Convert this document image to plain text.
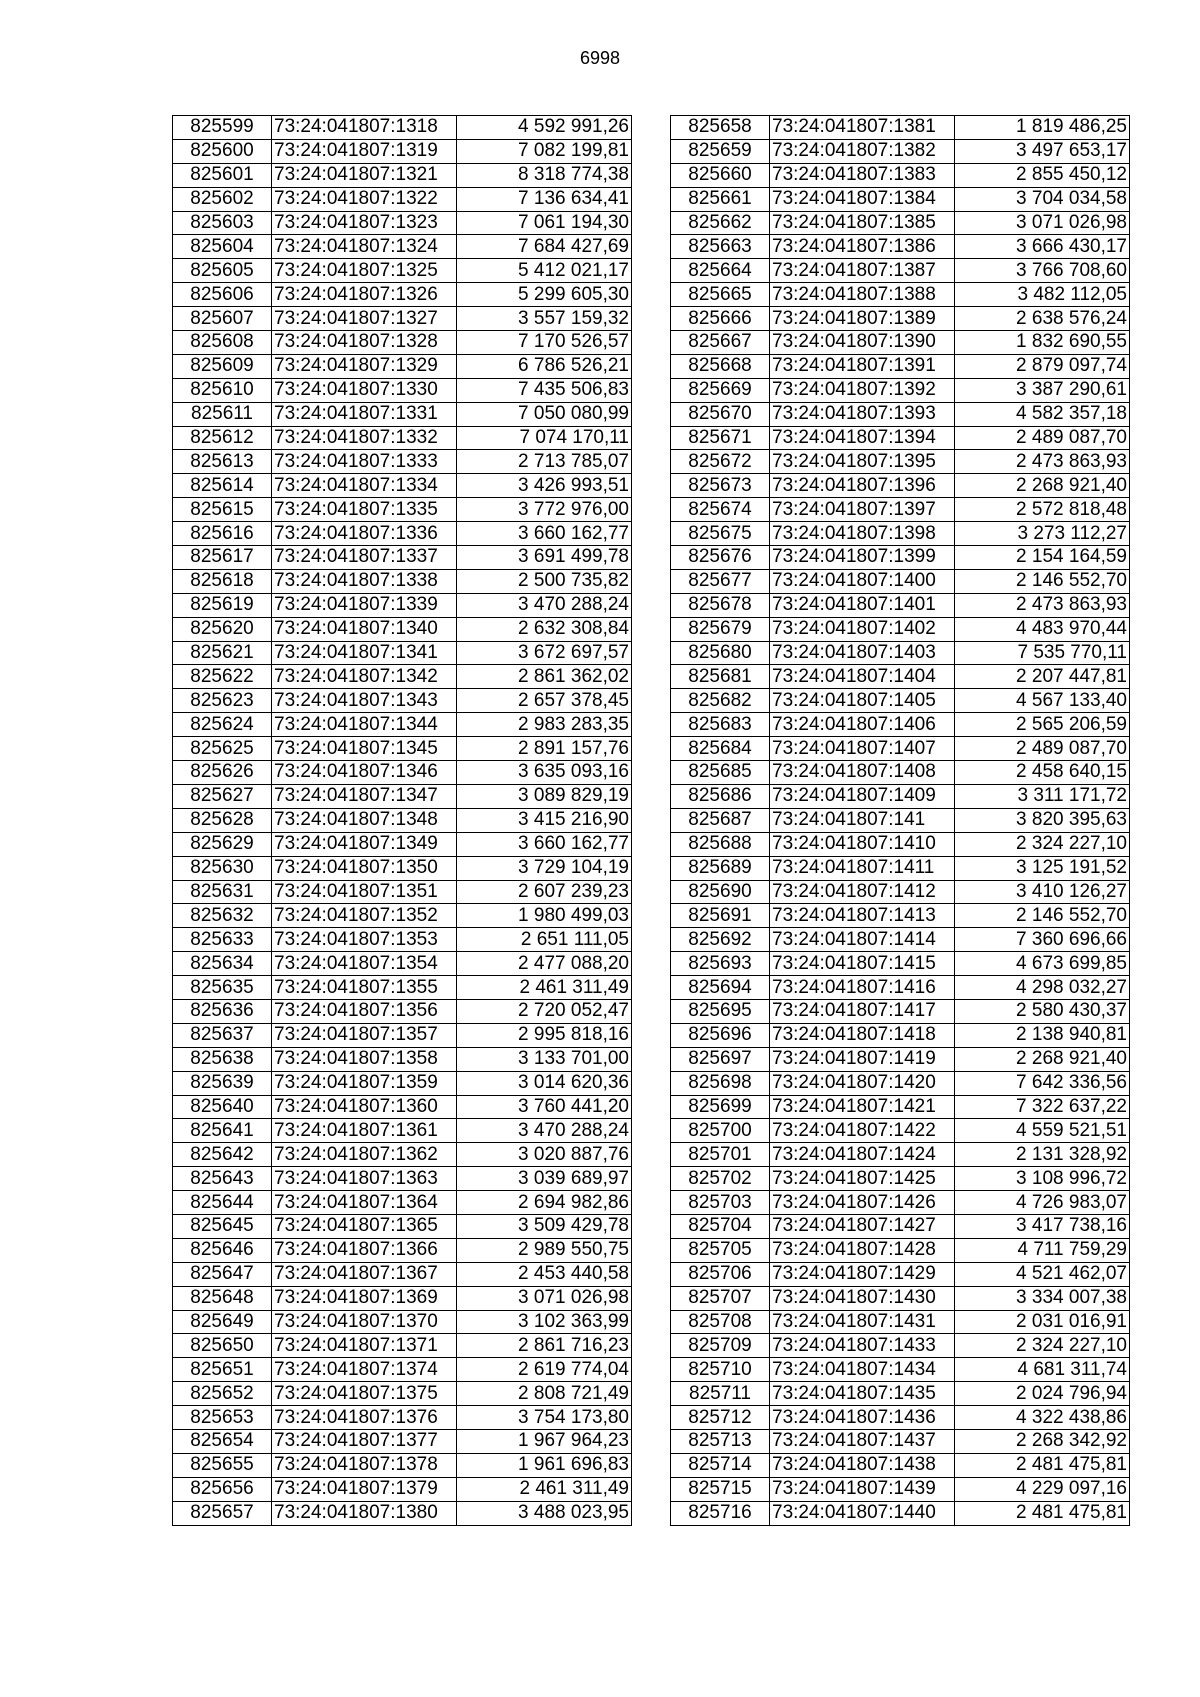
6998
825599	73:24:041807:1318	4 592 991,26
825600	73:24:041807:1319	7 082 199,81
825601	73:24:041807:1321	8 318 774,38
825602	73:24:041807:1322	7 136 634,41
825603	73:24:041807:1323	7 061 194,30
825604	73:24:041807:1324	7 684 427,69
825605	73:24:041807:1325	5 412 021,17
825606	73:24:041807:1326	5 299 605,30
825607	73:24:041807:1327	3 557 159,32
825608	73:24:041807:1328	7 170 526,57
825609	73:24:041807:1329	6 786 526,21
825610	73:24:041807:1330	7 435 506,83
825611	73:24:041807:1331	7 050 080,99
825612	73:24:041807:1332	7 074 170,11
825613	73:24:041807:1333	2 713 785,07
825614	73:24:041807:1334	3 426 993,51
825615	73:24:041807:1335	3 772 976,00
825616	73:24:041807:1336	3 660 162,77
825617	73:24:041807:1337	3 691 499,78
825618	73:24:041807:1338	2 500 735,82
825619	73:24:041807:1339	3 470 288,24
825620	73:24:041807:1340	2 632 308,84
825621	73:24:041807:1341	3 672 697,57
825622	73:24:041807:1342	2 861 362,02
825623	73:24:041807:1343	2 657 378,45
825624	73:24:041807:1344	2 983 283,35
825625	73:24:041807:1345	2 891 157,76
825626	73:24:041807:1346	3 635 093,16
825627	73:24:041807:1347	3 089 829,19
825628	73:24:041807:1348	3 415 216,90
825629	73:24:041807:1349	3 660 162,77
825630	73:24:041807:1350	3 729 104,19
825631	73:24:041807:1351	2 607 239,23
825632	73:24:041807:1352	1 980 499,03
825633	73:24:041807:1353	2 651 111,05
825634	73:24:041807:1354	2 477 088,20
825635	73:24:041807:1355	2 461 311,49
825636	73:24:041807:1356	2 720 052,47
825637	73:24:041807:1357	2 995 818,16
825638	73:24:041807:1358	3 133 701,00
825639	73:24:041807:1359	3 014 620,36
825640	73:24:041807:1360	3 760 441,20
825641	73:24:041807:1361	3 470 288,24
825642	73:24:041807:1362	3 020 887,76
825643	73:24:041807:1363	3 039 689,97
825644	73:24:041807:1364	2 694 982,86
825645	73:24:041807:1365	3 509 429,78
825646	73:24:041807:1366	2 989 550,75
825647	73:24:041807:1367	2 453 440,58
825648	73:24:041807:1369	3 071 026,98
825649	73:24:041807:1370	3 102 363,99
825650	73:24:041807:1371	2 861 716,23
825651	73:24:041807:1374	2 619 774,04
825652	73:24:041807:1375	2 808 721,49
825653	73:24:041807:1376	3 754 173,80
825654	73:24:041807:1377	1 967 964,23
825655	73:24:041807:1378	1 961 696,83
825656	73:24:041807:1379	2 461 311,49
825657	73:24:041807:1380	3 488 023,95
825658	73:24:041807:1381	1 819 486,25
825659	73:24:041807:1382	3 497 653,17
825660	73:24:041807:1383	2 855 450,12
825661	73:24:041807:1384	3 704 034,58
825662	73:24:041807:1385	3 071 026,98
825663	73:24:041807:1386	3 666 430,17
825664	73:24:041807:1387	3 766 708,60
825665	73:24:041807:1388	3 482 112,05
825666	73:24:041807:1389	2 638 576,24
825667	73:24:041807:1390	1 832 690,55
825668	73:24:041807:1391	2 879 097,74
825669	73:24:041807:1392	3 387 290,61
825670	73:24:041807:1393	4 582 357,18
825671	73:24:041807:1394	2 489 087,70
825672	73:24:041807:1395	2 473 863,93
825673	73:24:041807:1396	2 268 921,40
825674	73:24:041807:1397	2 572 818,48
825675	73:24:041807:1398	3 273 112,27
825676	73:24:041807:1399	2 154 164,59
825677	73:24:041807:1400	2 146 552,70
825678	73:24:041807:1401	2 473 863,93
825679	73:24:041807:1402	4 483 970,44
825680	73:24:041807:1403	7 535 770,11
825681	73:24:041807:1404	2 207 447,81
825682	73:24:041807:1405	4 567 133,40
825683	73:24:041807:1406	2 565 206,59
825684	73:24:041807:1407	2 489 087,70
825685	73:24:041807:1408	2 458 640,15
825686	73:24:041807:1409	3 311 171,72
825687	73:24:041807:141	3 820 395,63
825688	73:24:041807:1410	2 324 227,10
825689	73:24:041807:1411	3 125 191,52
825690	73:24:041807:1412	3 410 126,27
825691	73:24:041807:1413	2 146 552,70
825692	73:24:041807:1414	7 360 696,66
825693	73:24:041807:1415	4 673 699,85
825694	73:24:041807:1416	4 298 032,27
825695	73:24:041807:1417	2 580 430,37
825696	73:24:041807:1418	2 138 940,81
825697	73:24:041807:1419	2 268 921,40
825698	73:24:041807:1420	7 642 336,56
825699	73:24:041807:1421	7 322 637,22
825700	73:24:041807:1422	4 559 521,51
825701	73:24:041807:1424	2 131 328,92
825702	73:24:041807:1425	3 108 996,72
825703	73:24:041807:1426	4 726 983,07
825704	73:24:041807:1427	3 417 738,16
825705	73:24:041807:1428	4 711 759,29
825706	73:24:041807:1429	4 521 462,07
825707	73:24:041807:1430	3 334 007,38
825708	73:24:041807:1431	2 031 016,91
825709	73:24:041807:1433	2 324 227,10
825710	73:24:041807:1434	4 681 311,74
825711	73:24:041807:1435	2 024 796,94
825712	73:24:041807:1436	4 322 438,86
825713	73:24:041807:1437	2 268 342,92
825714	73:24:041807:1438	2 481 475,81
825715	73:24:041807:1439	4 229 097,16
825716	73:24:041807:1440	2 481 475,81
